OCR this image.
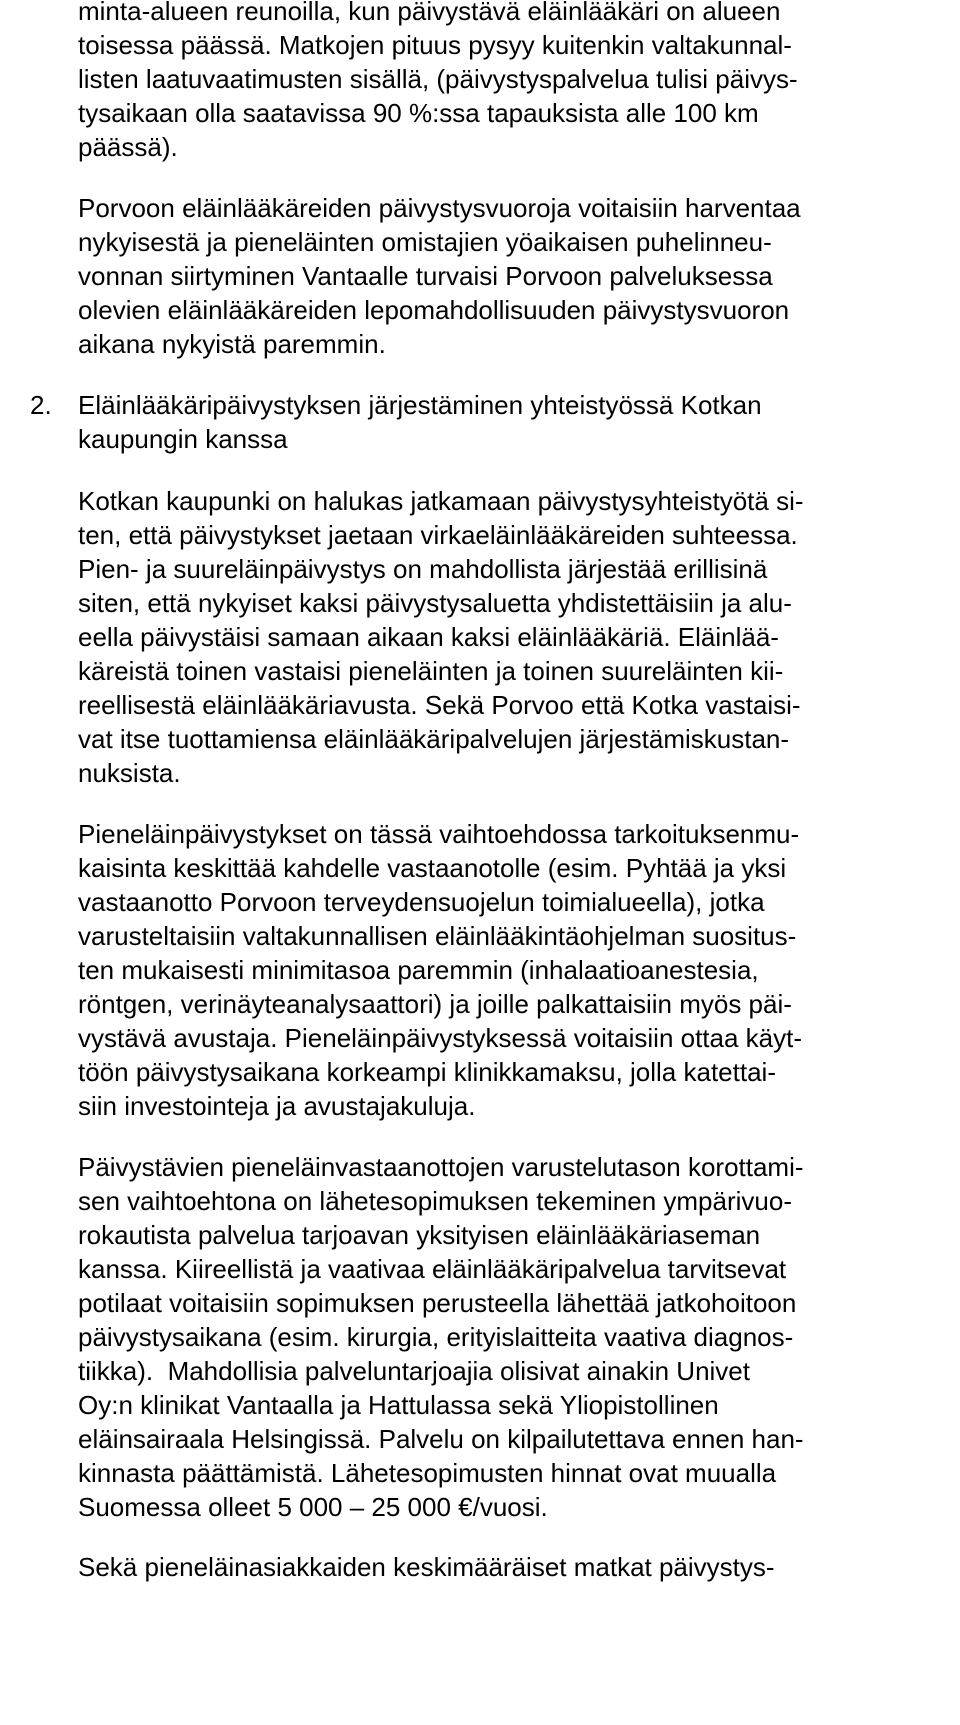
minta-alueen reunoilla, kun päivystävä eläinlääkäri on alueen
toisessa päässä. Matkojen pituus pysyy kuitenkin valtakunnal-
listen laatuvaatimusten sisällä, (päivystyspalvelua tulisi päivys-
tysaikaan olla saatavissa 90 %:ssa tapauksista alle 100 km
päässä).
Porvoon eläinlääkäreiden päivystysvuoroja voitaisiin harventaa
nykyisestä ja pieneläinten omistajien yöaikaisen puhelinneu-
vonnan siirtyminen Vantaalle turvaisi Porvoon palveluksessa
olevien eläinlääkäreiden lepomahdollisuuden päivystysvuoron
aikana nykyistä paremmin.
2. Eläinlääkäripäivystyksen järjestäminen yhteistyössä Kotkan
kaupungin kanssa
Kotkan kaupunki on halukas jatkamaan päivystysyhteistyötä si-
ten, että päivystykset jaetaan virkaeläinlääkäreiden suhteessa.
Pien- ja suureläinpäivystys on mahdollista järjestää erillisinä
siten, että nykyiset kaksi päivystysaluetta yhdistettäisiin ja alu-
eella päivystäisi samaan aikaan kaksi eläinlääkäriä. Eläinlää-
käreistä toinen vastaisi pieneläinten ja toinen suureläinten kii-
reellisestä eläinlääkäriavusta. Sekä Porvoo että Kotka vastaisi-
vat itse tuottamiensa eläinlääkäripalvelujen järjestämiskustan-
nuksista.
Pieneläinpäivystykset on tässä vaihtoehdossa tarkoituksenmu-
kaisinta keskittää kahdelle vastaanotolle (esim. Pyhtää ja yksi
vastaanotto Porvoon terveydensuojelun toimialueella), jotka
varusteltaisiin valtakunnallisen eläinlääkintäohjelman suositus-
ten mukaisesti minimitasoa paremmin (inhalaatioanestesia,
röntgen, verinäyteanalysaattori) ja joille palkattaisiin myös päi-
vystävä avustaja. Pieneläinpäivystyksessä voitaisiin ottaa käyt-
töön päivystysaikana korkeampi klinikkamaksu, jolla katettai-
siin investointeja ja avustajakuluja.
Päivystävien pieneläinvastaanottojen varustelutason korottami-
sen vaihtoehtona on lähetesopimuksen tekeminen ympärivuo-
rokautista palvelua tarjoavan yksityisen eläinlääkäriaseman
kanssa. Kiireellistä ja vaativaa eläinlääkäripalvelua tarvitsevat
potilaat voitaisiin sopimuksen perusteella lähettää jatkohoitoon
päivystysaikana (esim. kirurgia, erityislaitteita vaativa diagnos-
tiikka).  Mahdollisia palveluntarjoajia olisivat ainakin Univet
Oy:n klinikat Vantaalla ja Hattulassa sekä Yliopistollinen
eläinsairaala Helsingissä. Palvelu on kilpailutettava ennen han-
kinnasta päättämistä. Lähetesopimusten hinnat ovat muualla
Suomessa olleet 5 000 – 25 000 €/vuosi.
Sekä pieneläinasiakkaiden keskimääräiset matkat päivystys-
